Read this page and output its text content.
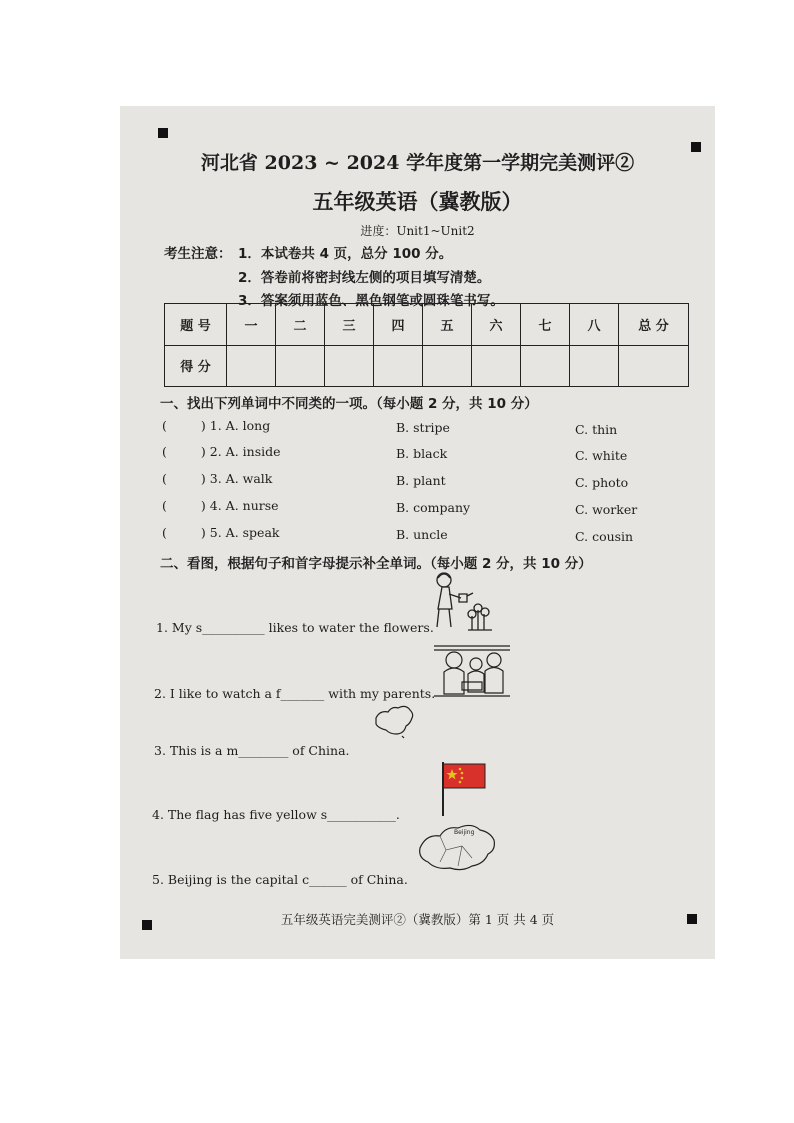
河北省 2023 ~ 2024 学年度第一学期完美测评②
五年级英语（冀教版）
进度：Unit1~Unit2
考生注意： 1．本试卷共 4 页，总分 100 分。
2．答卷前将密封线左侧的项目填写清楚。
3．答案须用蓝色、黑色钢笔或圆珠笔书写。
题 号	一	二	三	四	五	六	七	八	总 分
得 分									
一、找出下列单词中不同类的一项。（每小题 2 分，共 10 分）
(	) 1. A. long	B. stripe	C. thin
(	) 2. A. inside	B. black	C. white
(	) 3. A. walk	B. plant	C. photo
(	) 4. A. nurse	B. company	C. worker
(	) 5. A. speak	B. uncle	C. cousin
二、看图，根据句子和首字母提示补全单词。（每小题 2 分，共 10 分）
Beijing
1. My s__________ likes to water the flowers.
2. I like to watch a f_______ with my parents.
3. This is a m________ of China.
4. The flag has five yellow s___________.
5. Beijing is the capital c______ of China.
五年级英语完美测评②（冀教版）第 1 页 共 4 页
